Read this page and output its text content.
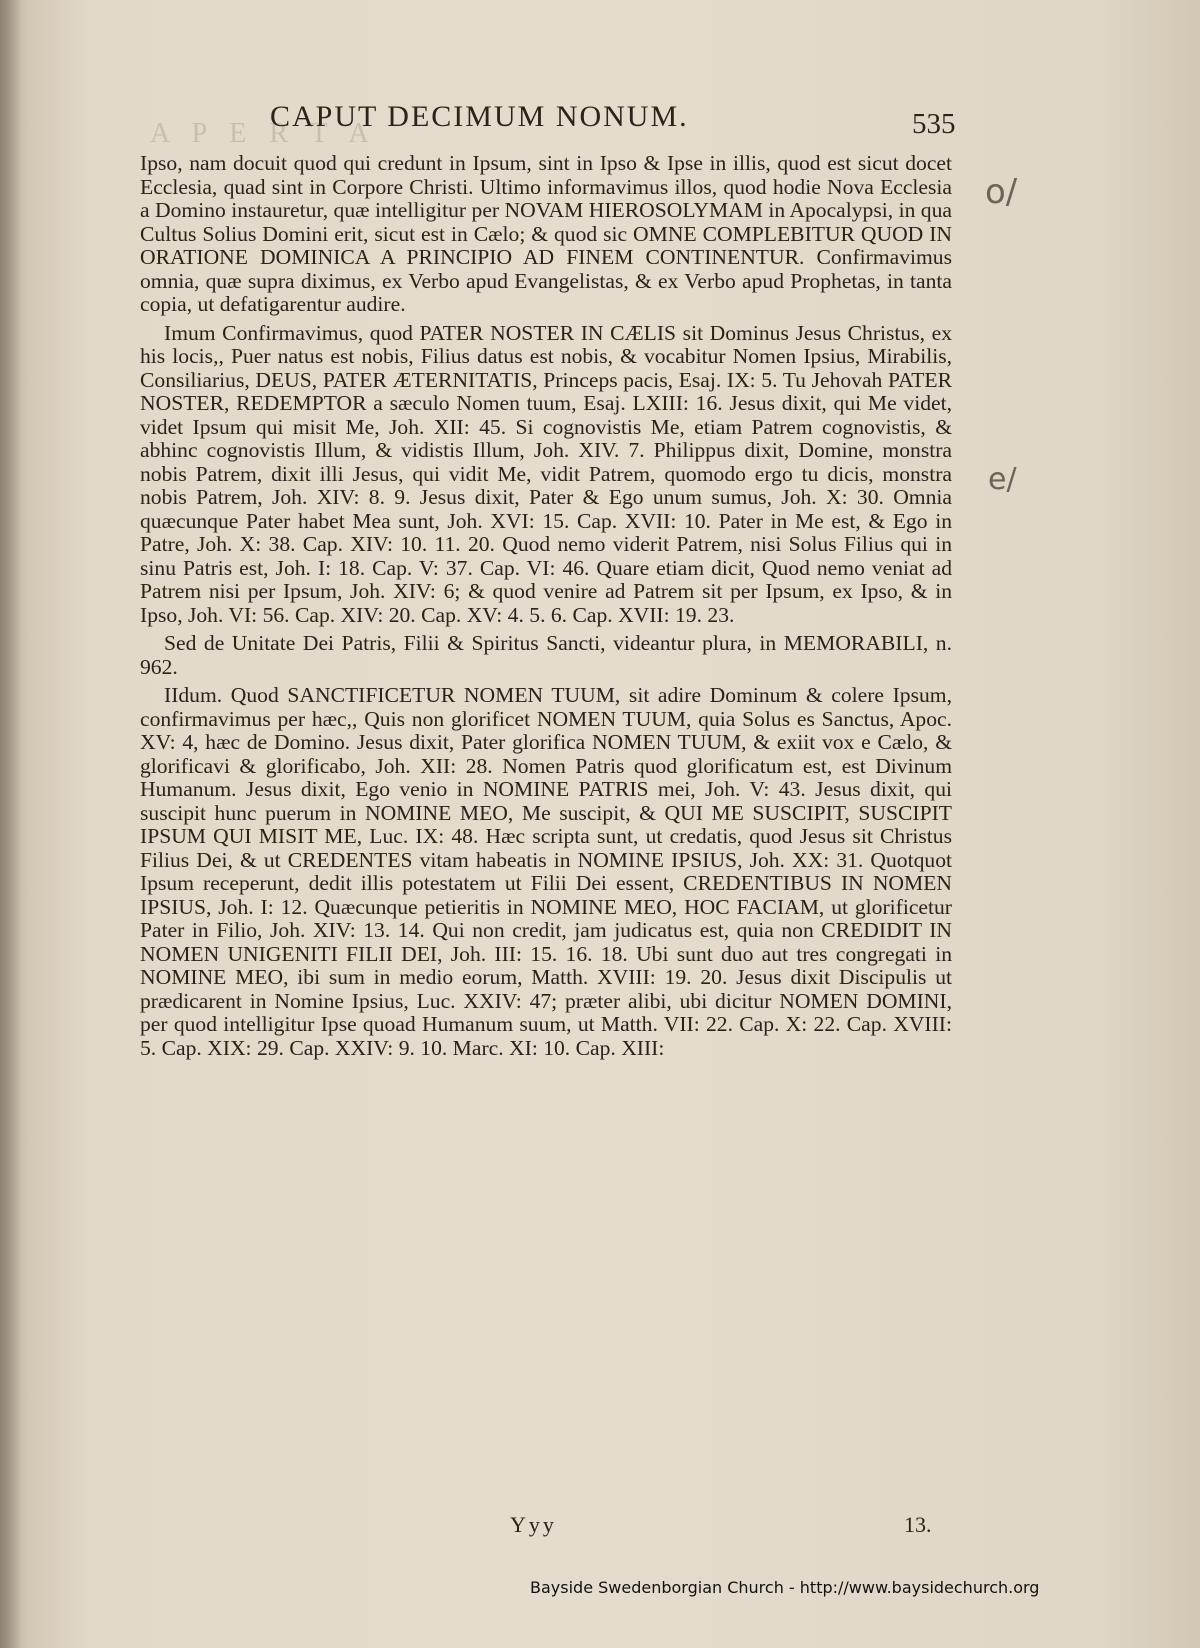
A P E R T A
CAPUT DECIMUM NONUM.	535
o/
e/

Ipso, nam docuit quod qui credunt in Ipsum, sint in Ipso & Ipse in illis, quod est sicut docet Ecclesia, quad sint in Corpore Christi. Ultimo informavimus illos, quod hodie Nova Ecclesia a Domino instauretur, quæ intelligitur per NOVAM HIEROSOLYMAM in Apocalypsi, in qua Cultus Solius Domini erit, sicut est in Cælo; & quod sic OMNE COMPLEBITUR QUOD IN ORATIONE DOMINICA A PRINCIPIO AD FINEM CONTINENTUR. Confirmavimus omnia, quæ supra diximus, ex Verbo apud Evangelistas, & ex Verbo apud Prophetas, in tanta copia, ut defatigarentur audire.

Imum Confirmavimus, quod PATER NOSTER IN CÆLIS sit Dominus Jesus Christus, ex his locis,, Puer natus est nobis, Filius datus est nobis, & vocabitur Nomen Ipsius, Mirabilis, Consiliarius, DEUS, PATER ÆTERNITATIS, Princeps pacis, Esaj. IX: 5. Tu Jehovah PATER NOSTER, REDEMPTOR a sæculo Nomen tuum, Esaj. LXIII: 16. Jesus dixit, qui Me videt, videt Ipsum qui misit Me, Joh. XII: 45. Si cognovistis Me, etiam Patrem cognovistis, & abhinc cognovistis Illum, & vidistis Illum, Joh. XIV. 7. Philippus dixit, Domine, monstra nobis Patrem, dixit illi Jesus, qui vidit Me, vidit Patrem, quomodo ergo tu dicis, monstra nobis Patrem, Joh. XIV: 8. 9. Jesus dixit, Pater & Ego unum sumus, Joh. X: 30. Omnia quæcunque Pater habet Mea sunt, Joh. XVI: 15. Cap. XVII: 10. Pater in Me est, & Ego in Patre, Joh. X: 38. Cap. XIV: 10. 11. 20. Quod nemo viderit Patrem, nisi Solus Filius qui in sinu Patris est, Joh. I: 18. Cap. V: 37. Cap. VI: 46. Quare etiam dicit, Quod nemo veniat ad Patrem nisi per Ipsum, Joh. XIV: 6; & quod venire ad Patrem sit per Ipsum, ex Ipso, & in Ipso, Joh. VI: 56. Cap. XIV: 20. Cap. XV: 4. 5. 6. Cap. XVII: 19. 23.

Sed de Unitate Dei Patris, Filii & Spiritus Sancti, videantur plura, in MEMORABILI, n. 962.

IIdum. Quod SANCTIFICETUR NOMEN TUUM, sit adire Dominum & colere Ipsum, confirmavimus per hæc,, Quis non glorificet NOMEN TUUM, quia Solus es Sanctus, Apoc. XV: 4, hæc de Domino. Jesus dixit, Pater glorifica NOMEN TUUM, & exiit vox e Cælo, & glorificavi & glorificabo, Joh. XII: 28. Nomen Patris quod glorificatum est, est Divinum Humanum. Jesus dixit, Ego venio in NOMINE PATRIS mei, Joh. V: 43. Jesus dixit, qui suscipit hunc puerum in NOMINE MEO, Me suscipit, & QUI ME SUSCIPIT, SUSCIPIT IPSUM QUI MISIT ME, Luc. IX: 48. Hæc scripta sunt, ut credatis, quod Jesus sit Christus Filius Dei, & ut CREDENTES vitam habeatis in NOMINE IPSIUS, Joh. XX: 31. Quotquot Ipsum receperunt, dedit illis potestatem ut Filii Dei essent, CREDENTIBUS IN NOMEN IPSIUS, Joh. I: 12. Quæcunque petieritis in NOMINE MEO, HOC FACIAM, ut glorificetur Pater in Filio, Joh. XIV: 13. 14. Qui non credit, jam judicatus est, quia non CREDIDIT IN NOMEN UNIGENITI FILII DEI, Joh. III: 15. 16. 18. Ubi sunt duo aut tres congregati in NOMINE MEO, ibi sum in medio eorum, Matth. XVIII: 19. 20. Jesus dixit Discipulis ut prædicarent in Nomine Ipsius, Luc. XXIV: 47; præter alibi, ubi dicitur NOMEN DOMINI, per quod intelligitur Ipse quoad Humanum suum, ut Matth. VII: 22. Cap. X: 22. Cap. XVIII: 5. Cap. XIX: 29. Cap. XXIV: 9. 10. Marc. XI: 10. Cap. XIII:

Yyy	13.
Bayside Swedenborgian Church - http://www.baysidechurch.org
